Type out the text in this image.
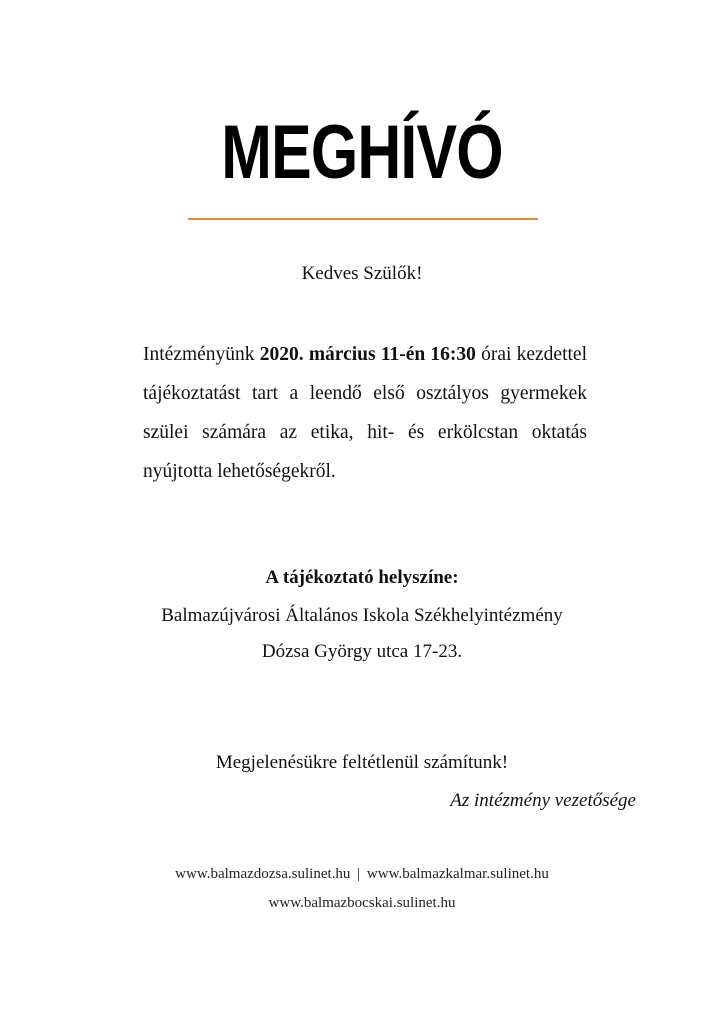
MEGHÍVÓ
Kedves Szülők!
Intézményünk 2020. március 11-én 16:30 órai kezdettel tájékoztatást tart a leendő első osztályos gyermekek szülei számára az etika, hit- és erkölcstan oktatás nyújtotta lehetőségekről.
A tájékoztató helyszíne:
Balmazújvárosi Általános Iskola Székhelyintézmény
Dózsa György utca 17-23.
Megjelenésükre feltétlenül számítunk!
Az intézmény vezetősége
www.balmazdozsa.sulinet.hu | www.balmazkalmar.sulinet.hu
www.balmazbocskai.sulinet.hu
